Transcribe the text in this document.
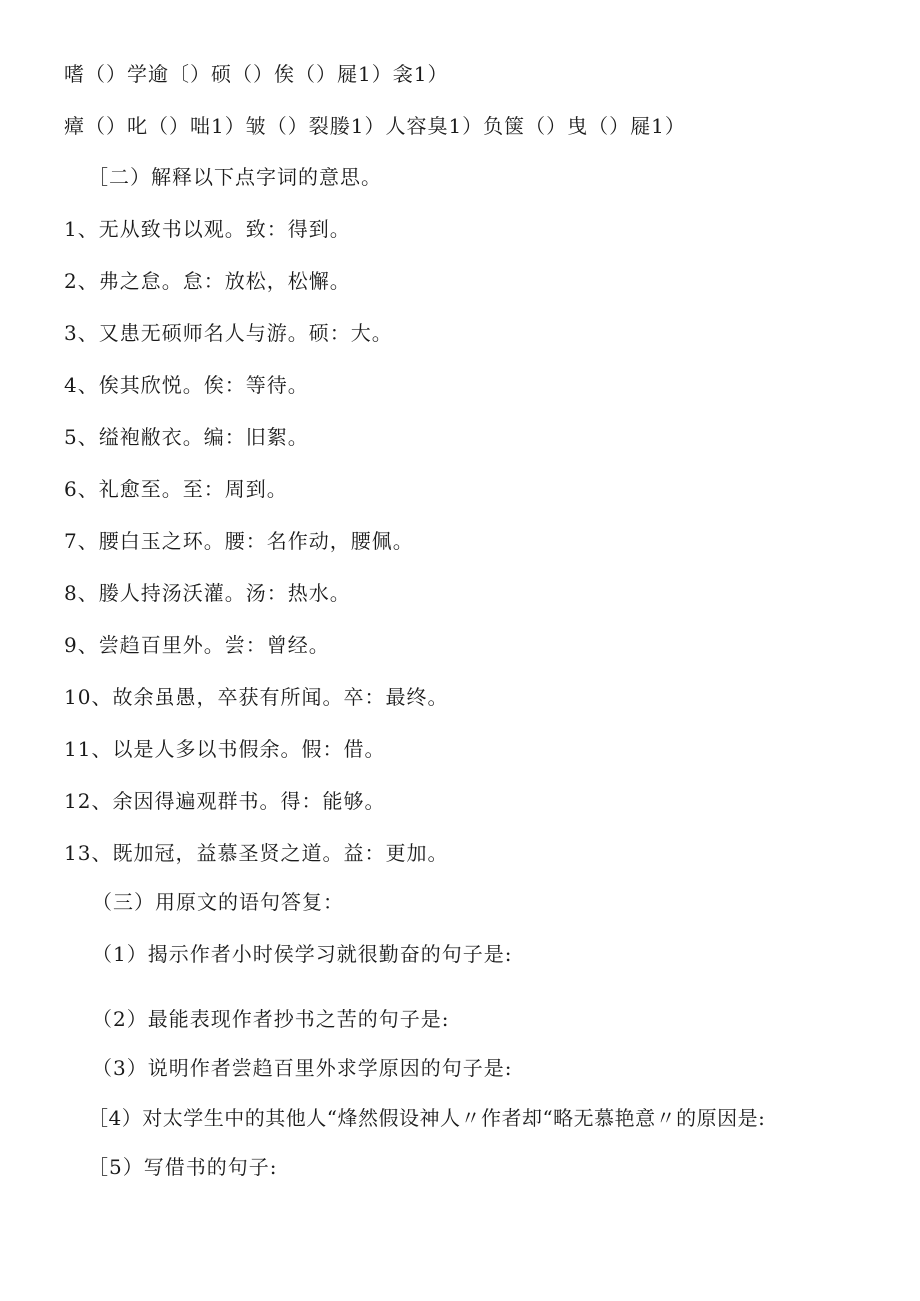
嗜（）学逾〔）硕（）俟（）屣1）衾1）
瘴（）叱（）咄1）皱（）裂媵1）人容臭1）负箧（）曳（）屣1）
［二）解释以下点字词的意思。
1、无从致书以观。致：得到。
2、弗之怠。怠：放松，松懈。
3、又患无硕师名人与游。硕：大。
4、俟其欣悦。俟：等待。
5、缢袍敝衣。编：旧絮。
6、礼愈至。至：周到。
7、腰白玉之环。腰：名作动，腰佩。
8、媵人持汤沃灌。汤：热水。
9、尝趋百里外。尝：曾经。
10、故余虽愚，卒获有所闻。卒：最终。
11、以是人多以书假余。假：借。
12、余因得遍观群书。得：能够。
13、既加冠，益慕圣贤之道。益：更加。
（三）用原文的语句答复：
（1）揭示作者小时侯学习就很勤奋的句子是:
（2）最能表现作者抄书之苦的句子是:
（3）说明作者尝趋百里外求学原因的句子是:
［4）对太学生中的其他人“烽然假设神人〃作者却“略无慕艳意〃的原因是:
［5）写借书的句子:
